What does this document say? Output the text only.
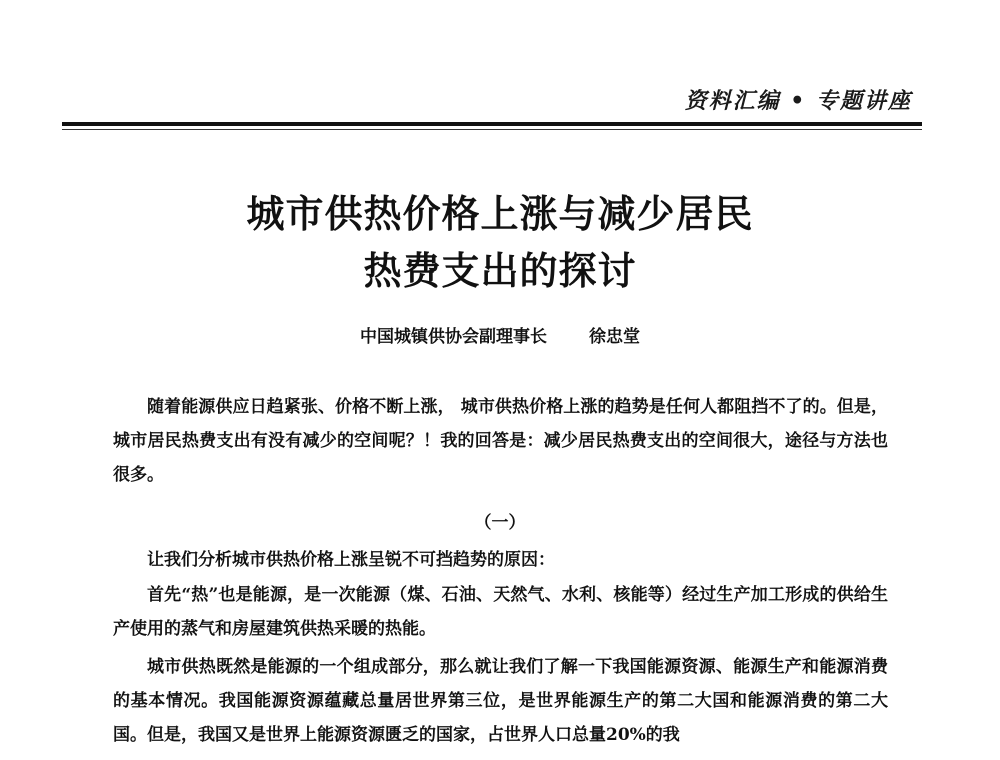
资料汇编 • 专题讲座
城市供热价格上涨与减少居民
热费支出的探讨
中国城镇供协会副理事长 徐忠堂
随着能源供应日趋紧张、价格不断上涨， 城市供热价格上涨的趋势是任何人都阻挡不了的。但是，城市居民热费支出有没有减少的空间呢？！我的回答是：减少居民热费支出的空间很大，途径与方法也很多。
（一）
让我们分析城市供热价格上涨呈锐不可挡趋势的原因：
首先“热”也是能源，是一次能源（煤、石油、天然气、水利、核能等）经过生产加工形成的供给生产使用的蒸气和房屋建筑供热采暖的热能。
城市供热既然是能源的一个组成部分，那么就让我们了解一下我国能源资源、能源生产和能源消费的基本情况。我国能源资源蕴藏总量居世界第三位，是世界能源生产的第二大国和能源消费的第二大国。但是，我国又是世界上能源资源匮乏的国家，占世界人口总量20%的我
